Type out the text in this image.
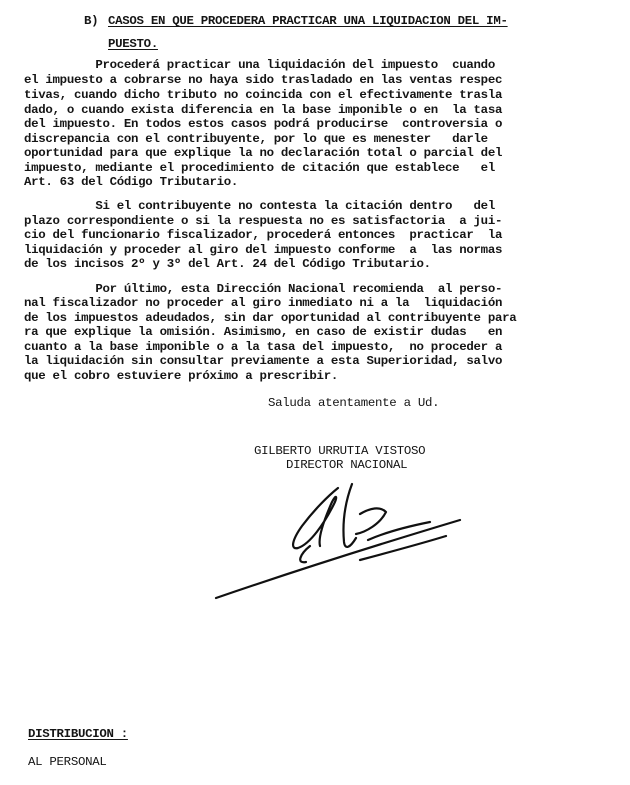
B) CASOS EN QUE PROCEDERA PRACTICAR UNA LIQUIDACION DEL IM-
PUESTO.
Procederá practicar una liquidación del impuesto  cuando
el impuesto a cobrarse no haya sido trasladado en las ventas respec
tivas, cuando dicho tributo no coincida con el efectivamente trasla
dado, o cuando exista diferencia en la base imponible o en  la tasa
del impuesto. En todos estos casos podrá producirse  controversia o
discrepancia con el contribuyente, por lo que es menester   darle
oportunidad para que explique la no declaración total o parcial del
impuesto, mediante el procedimiento de citación que establece   el
Art. 63 del Código Tributario.
Si el contribuyente no contesta la citación dentro   del
plazo correspondiente o si la respuesta no es satisfactoria  a jui-
cio del funcionario fiscalizador, procederá entonces  practicar  la
liquidación y proceder al giro del impuesto conforme  a  las normas
de los incisos 2º y 3º del Art. 24 del Código Tributario.
Por último, esta Dirección Nacional recomienda  al perso-
nal fiscalizador no proceder al giro inmediato ni a la  liquidación
de los impuestos adeudados, sin dar oportunidad al contribuyente para
ra que explique la omisión. Asimismo, en caso de existir dudas   en
cuanto a la base imponible o a la tasa del impuesto,  no proceder a
la liquidación sin consultar previamente a esta Superioridad, salvo
que el cobro estuviere próximo a prescribir.
Saluda atentamente a Ud.
GILBERTO URRUTIA VISTOSO
DIRECTOR NACIONAL
DISTRIBUCION :
AL PERSONAL
